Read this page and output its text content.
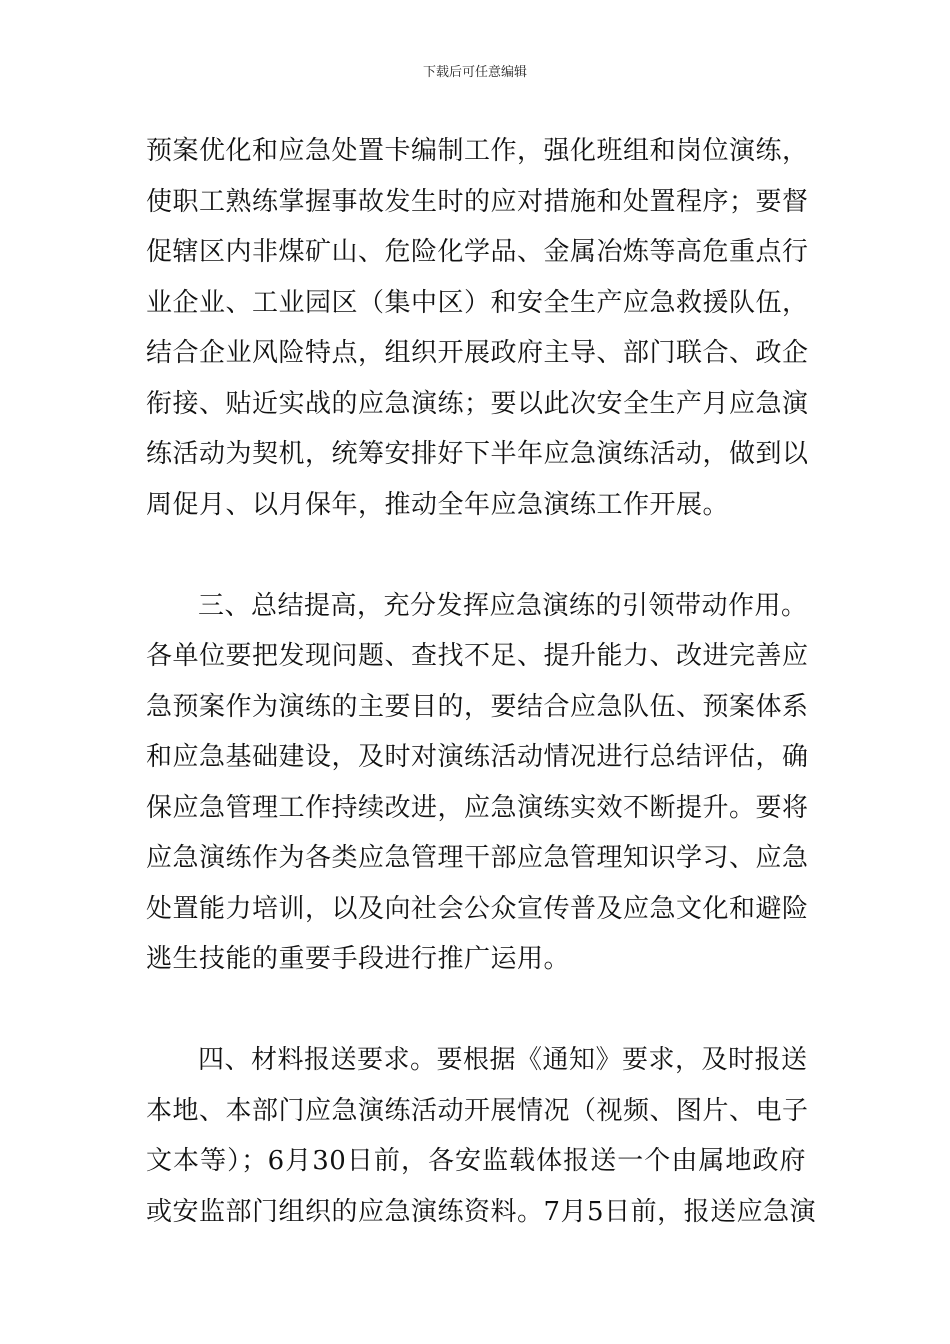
下载后可任意编辑
预案优化和应急处置卡编制工作，强化班组和岗位演练，
使职工熟练掌握事故发生时的应对措施和处置程序；要督
促辖区内非煤矿山、危险化学品、金属冶炼等高危重点行
业企业、工业园区（集中区）和安全生产应急救援队伍，
结合企业风险特点，组织开展政府主导、部门联合、政企
衔接、贴近实战的应急演练；要以此次安全生产月应急演
练活动为契机，统筹安排好下半年应急演练活动，做到以
周促月、以月保年，推动全年应急演练工作开展。
三、总结提高，充分发挥应急演练的引领带动作用。
各单位要把发现问题、查找不足、提升能力、改进完善应
急预案作为演练的主要目的，要结合应急队伍、预案体系
和应急基础建设，及时对演练活动情况进行总结评估，确
保应急管理工作持续改进，应急演练实效不断提升。要将
应急演练作为各类应急管理干部应急管理知识学习、应急
处置能力培训，以及向社会公众宣传普及应急文化和避险
逃生技能的重要手段进行推广运用。
四、材料报送要求。要根据《通知》要求，及时报送
本地、本部门应急演练活动开展情况（视频、图片、电子
文本等）；6月30日前，各安监载体报送一个由属地政府
或安监部门组织的应急演练资料。7月5日前，报送应急演
